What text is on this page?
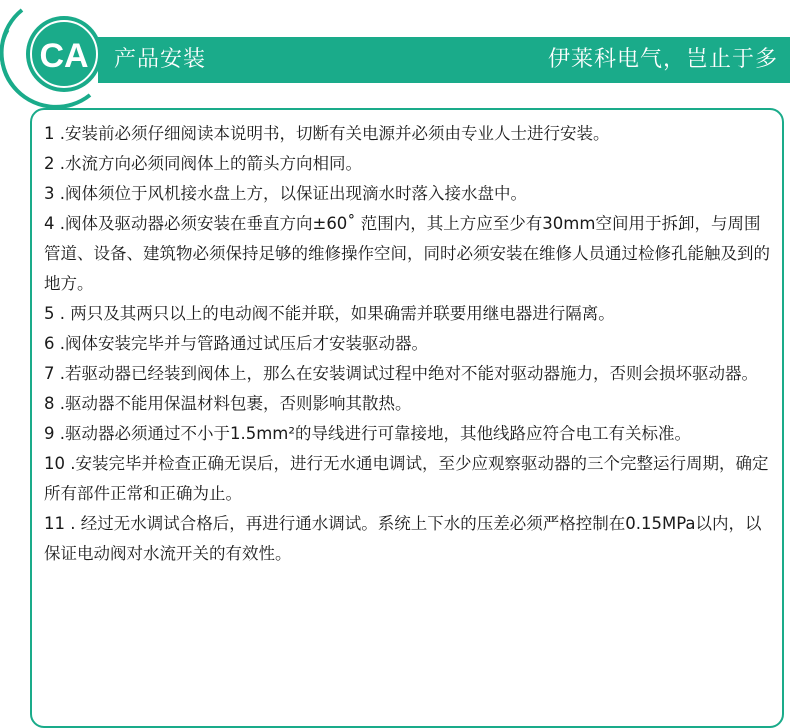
CA 产品安装	伊莱科电气，岂止于多

1 .安装前必须仔细阅读本说明书，切断有关电源并必须由专业人士进行安装。

2 .水流方向必须同阀体上的箭头方向相同。

3 .阀体须位于风机接水盘上方，以保证出现滴水时落入接水盘中。

4 .阀体及驱动器必须安装在垂直方向±60˚ 范围内，其上方应至少有30mm空间用于拆卸，与周围管道、设备、建筑物必须保持足够的维修操作空间，同时必须安装在维修人员通过检修孔能触及到的地方。

5 . 两只及其两只以上的电动阀不能并联，如果确需并联要用继电器进行隔离。

6 .阀体安装完毕并与管路通过试压后才安装驱动器。

7 .若驱动器已经装到阀体上，那么在安装调试过程中绝对不能对驱动器施力，否则会损坏驱动器。

8 .驱动器不能用保温材料包裹，否则影响其散热。

9 .驱动器必须通过不小于1.5mm²的导线进行可靠接地，其他线路应符合电工有关标准。

10 .安装完毕并检查正确无误后，进行无水通电调试，至少应观察驱动器的三个完整运行周期，确定所有部件正常和正确为止。

11 . 经过无水调试合格后，再进行通水调试。系统上下水的压差必须严格控制在0.15MPa以内，以保证电动阀对水流开关的有效性。
